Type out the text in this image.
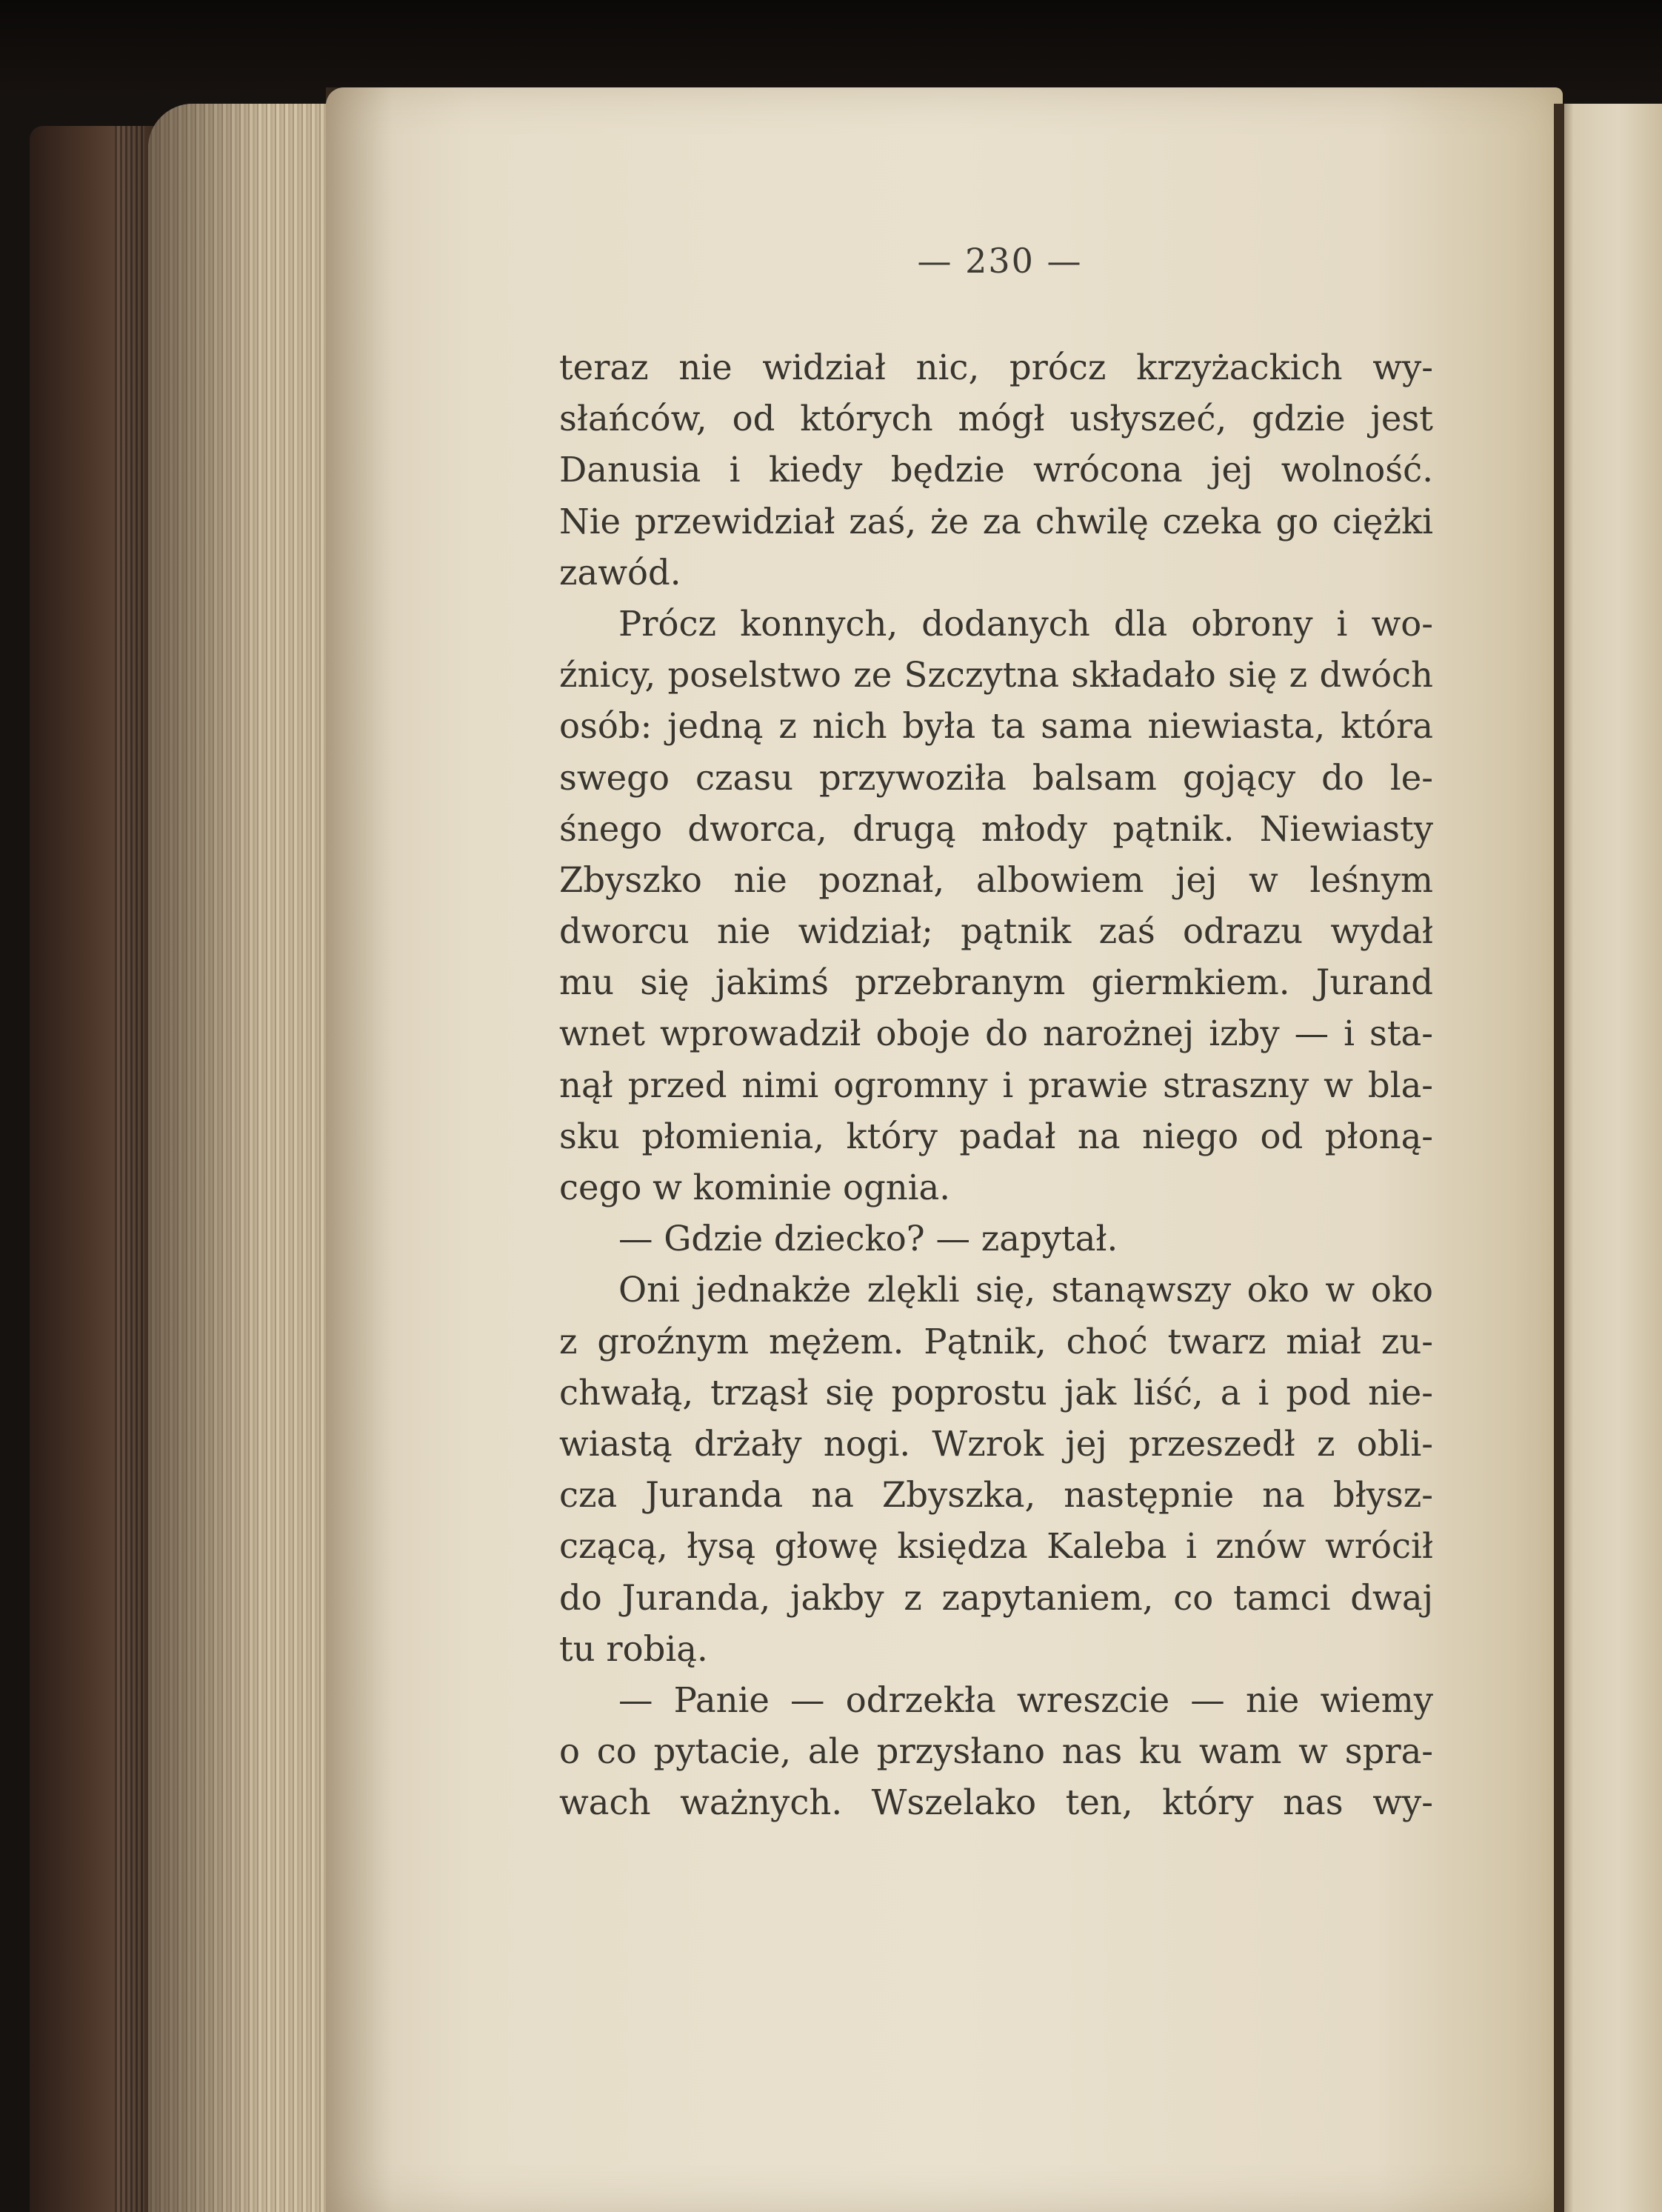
— 230 —
teraz nie widział nic, prócz krzyżackich wy-
słańców, od których mógł usłyszeć, gdzie jest
Danusia i kiedy będzie wrócona jej wolność.
Nie przewidział zaś, że za chwilę czeka go ciężki
zawód.
Prócz konnych, dodanych dla obrony i wo-
źnicy, poselstwo ze Szczytna składało się z dwóch
osób: jedną z nich była ta sama niewiasta, która
swego czasu przywoziła balsam gojący do le-
śnego dworca, drugą młody pątnik. Niewiasty
Zbyszko nie poznał, albowiem jej w leśnym
dworcu nie widział; pątnik zaś odrazu wydał
mu się jakimś przebranym giermkiem. Jurand
wnet wprowadził oboje do narożnej izby — i sta-
nął przed nimi ogromny i prawie straszny w bla-
sku płomienia, który padał na niego od płoną-
cego w kominie ognia.
— Gdzie dziecko? — zapytał.
Oni jednakże zlękli się, stanąwszy oko w oko
z groźnym mężem. Pątnik, choć twarz miał zu-
chwałą, trząsł się poprostu jak liść, a i pod nie-
wiastą drżały nogi. Wzrok jej przeszedł z obli-
cza Juranda na Zbyszka, następnie na błysz-
czącą, łysą głowę księdza Kaleba i znów wrócił
do Juranda, jakby z zapytaniem, co tamci dwaj
tu robią.
— Panie — odrzekła wreszcie — nie wiemy
o co pytacie, ale przysłano nas ku wam w spra-
wach ważnych. Wszelako ten, który nas wy-
